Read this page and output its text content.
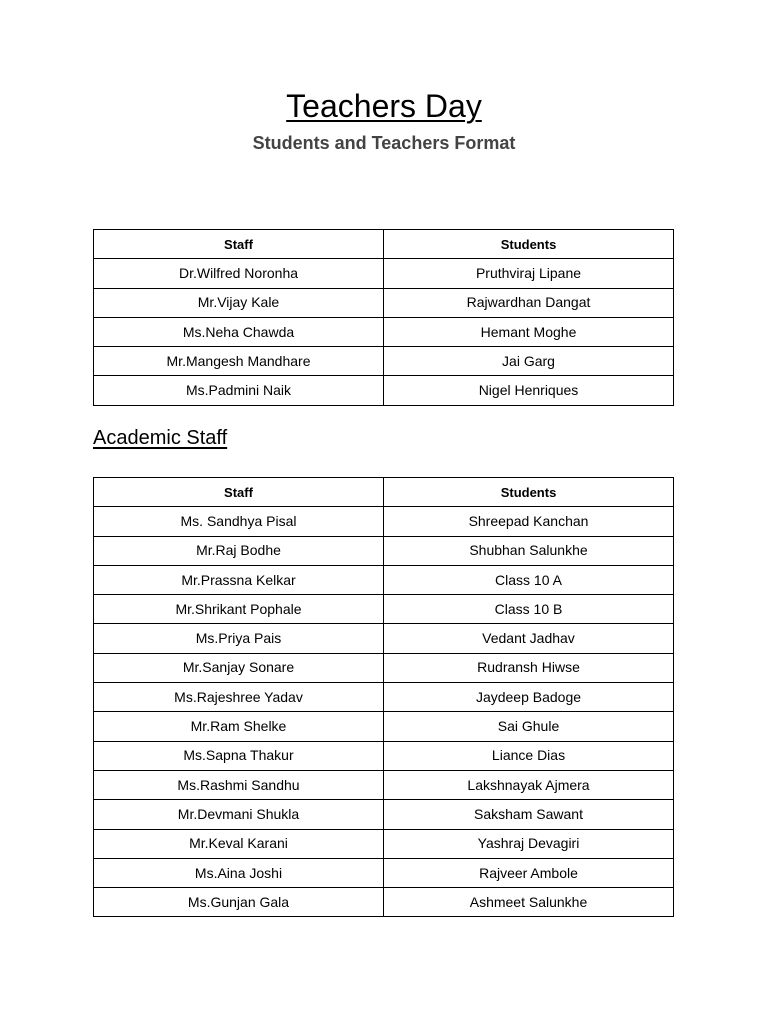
Teachers Day
Students and Teachers Format
Staff	Students
Dr.Wilfred Noronha	Pruthviraj Lipane
Mr.Vijay Kale	Rajwardhan Dangat
Ms.Neha Chawda	Hemant Moghe
Mr.Mangesh Mandhare	Jai Garg
Ms.Padmini Naik	Nigel Henriques
Academic Staff
Staff	Students
Ms. Sandhya Pisal	Shreepad Kanchan
Mr.Raj Bodhe	Shubhan Salunkhe
Mr.Prassna Kelkar	Class 10 A
Mr.Shrikant Pophale	Class 10 B
Ms.Priya Pais	Vedant Jadhav
Mr.Sanjay Sonare	Rudransh Hiwse
Ms.Rajeshree Yadav	Jaydeep Badoge
Mr.Ram Shelke	Sai Ghule
Ms.Sapna Thakur	Liance Dias
Ms.Rashmi Sandhu	Lakshnayak Ajmera
Mr.Devmani Shukla	Saksham Sawant
Mr.Keval Karani	Yashraj Devagiri
Ms.Aina Joshi	Rajveer Ambole
Ms.Gunjan Gala	Ashmeet Salunkhe
